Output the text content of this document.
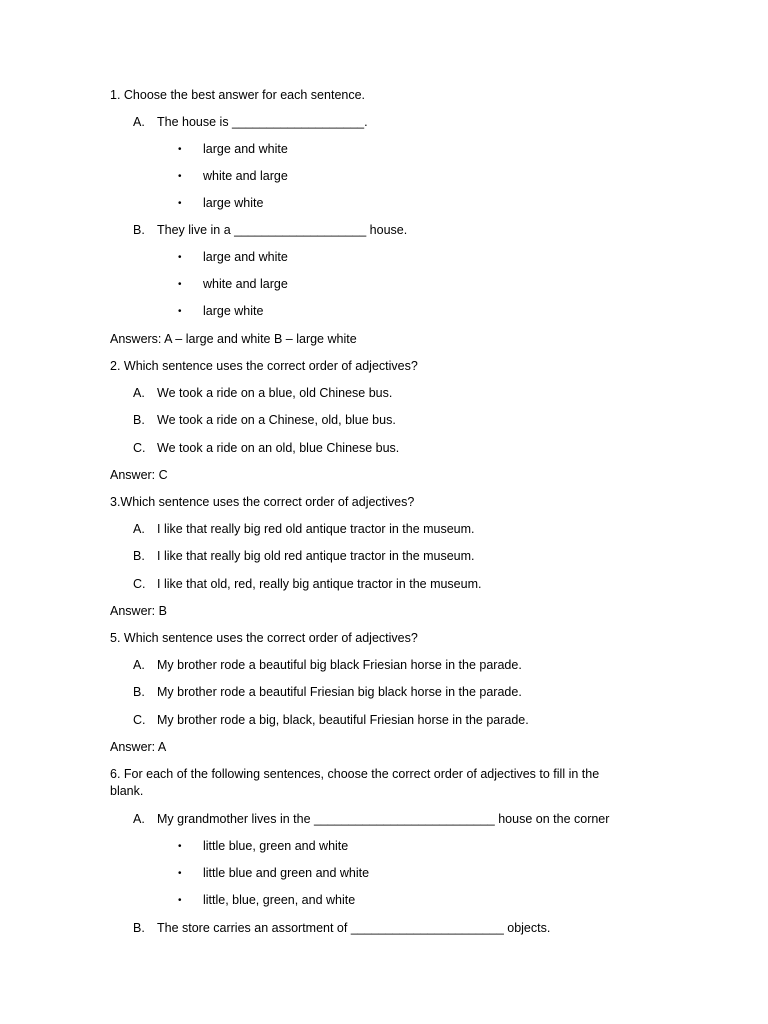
1. Choose the best answer for each sentence.
A. The house is ___________________.
• large and white
• white and large
• large white
B. They live in a ___________________ house.
• large and white
• white and large
• large white
Answers: A – large and white B – large white
2. Which sentence uses the correct order of adjectives?
A. We took a ride on a blue, old Chinese bus.
B. We took a ride on a Chinese, old, blue bus.
C. We took a ride on an old, blue Chinese bus.
Answer: C
3.Which sentence uses the correct order of adjectives?
A. I like that really big red old antique tractor in the museum.
B. I like that really big old red antique tractor in the museum.
C. I like that old, red, really big antique tractor in the museum.
Answer: B
5. Which sentence uses the correct order of adjectives?
A. My brother rode a beautiful big black Friesian horse in the parade.
B. My brother rode a beautiful Friesian big black horse in the parade.
C. My brother rode a big, black, beautiful Friesian horse in the parade.
Answer: A
6. For each of the following sentences, choose the correct order of adjectives to fill in the blank.
A. My grandmother lives in the __________________________ house on the corner
• little blue, green and white
• little blue and green and white
• little, blue, green, and white
B. The store carries an assortment of ______________________ objects.
